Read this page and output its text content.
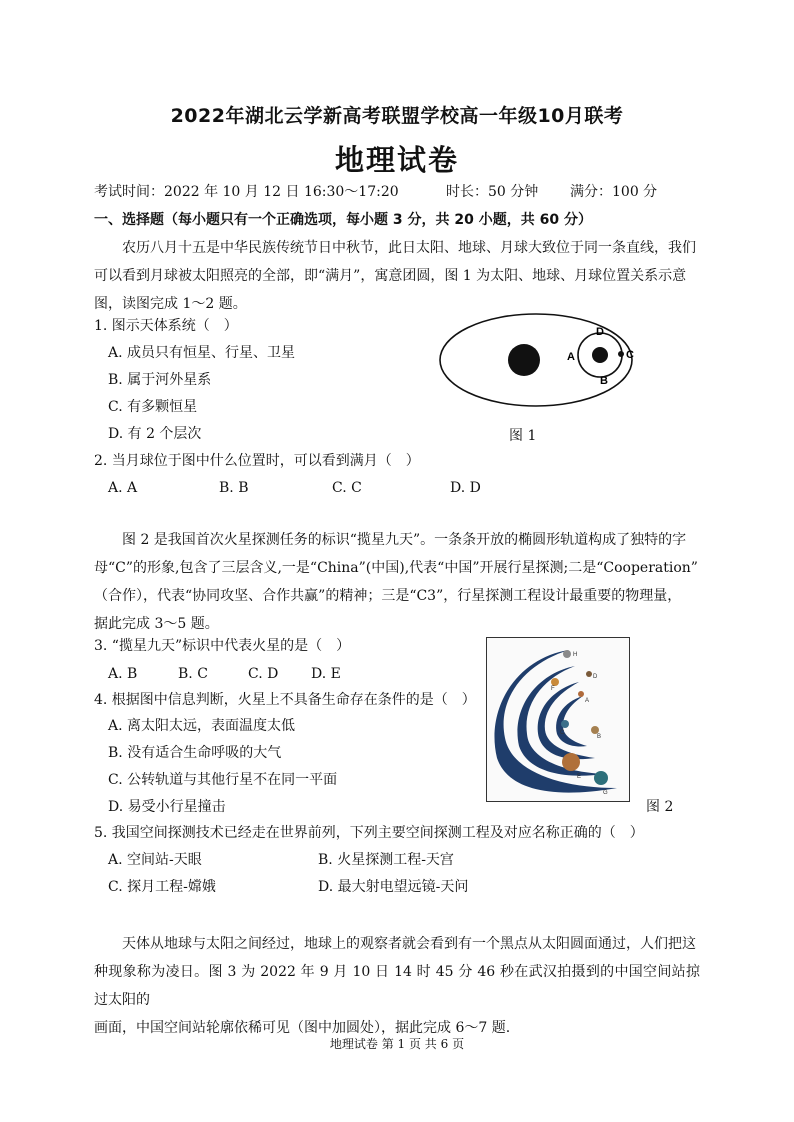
2022年湖北云学新高考联盟学校高一年级10月联考
地理试卷
考试时间：2022 年 10 月 12 日 16:30～17:20	时长：50 分钟 满分：100 分
一、选择题（每小题只有一个正确选项，每小题 3 分，共 20 小题，共 60 分）
农历八月十五是中华民族传统节日中秋节，此日太阳、地球、月球大致位于同一条直线，我们
可以看到月球被太阳照亮的全部，即“满月”，寓意团圆，图 1 为太阳、地球、月球位置关系示意
图，读图完成 1～2 题。
1. 图示天体系统（　）
A. 成员只有恒星、行星、卫星
B. 属于河外星系
C. 有多颗恒星
D. 有 2 个层次
D
A	C
B
图 1
2. 当月球位于图中什么位置时，可以看到满月（　）
A. A	B. B	C. C	D. D
图 2 是我国首次火星探测任务的标识“揽星九天”。一条条开放的椭圆形轨道构成了独特的字
母“C”的形象,包含了三层含义,一是“China”(中国),代表“中国”开展行星探测;二是“Cooperation”
（合作），代表“协同攻坚、合作共赢”的精神；三是“C3”，行星探测工程设计最重要的物理量，
据此完成 3～5 题。
3. “揽星九天”标识中代表火星的是（　）
A. B	B. C	C. D D. E
4. 根据图中信息判断，火星上不具备生命存在条件的是（　）
A. 离太阳太远，表面温度太低
B. 没有适合生命呼吸的大气
C. 公转轨道与其他行星不在同一平面
D. 易受小行星撞击
H
F
D
A
C
B
E
G
图 2
5. 我国空间探测技术已经走在世界前列，下列主要空间探测工程及对应名称正确的（　）
A. 空间站-天眼	B. 火星探测工程-天宫
C. 探月工程-嫦娥	D. 最大射电望远镜-天问
天体从地球与太阳之间经过，地球上的观察者就会看到有一个黑点从太阳圆面通过，人们把这
种现象称为凌日。图 3 为 2022 年 9 月 10 日 14 时 45 分 46 秒在武汉拍摄到的中国空间站掠过太阳的
画面，中国空间站轮廓依稀可见（图中加圆处），据此完成 6～7 题.
地理试卷 第 1 页 共 6 页
